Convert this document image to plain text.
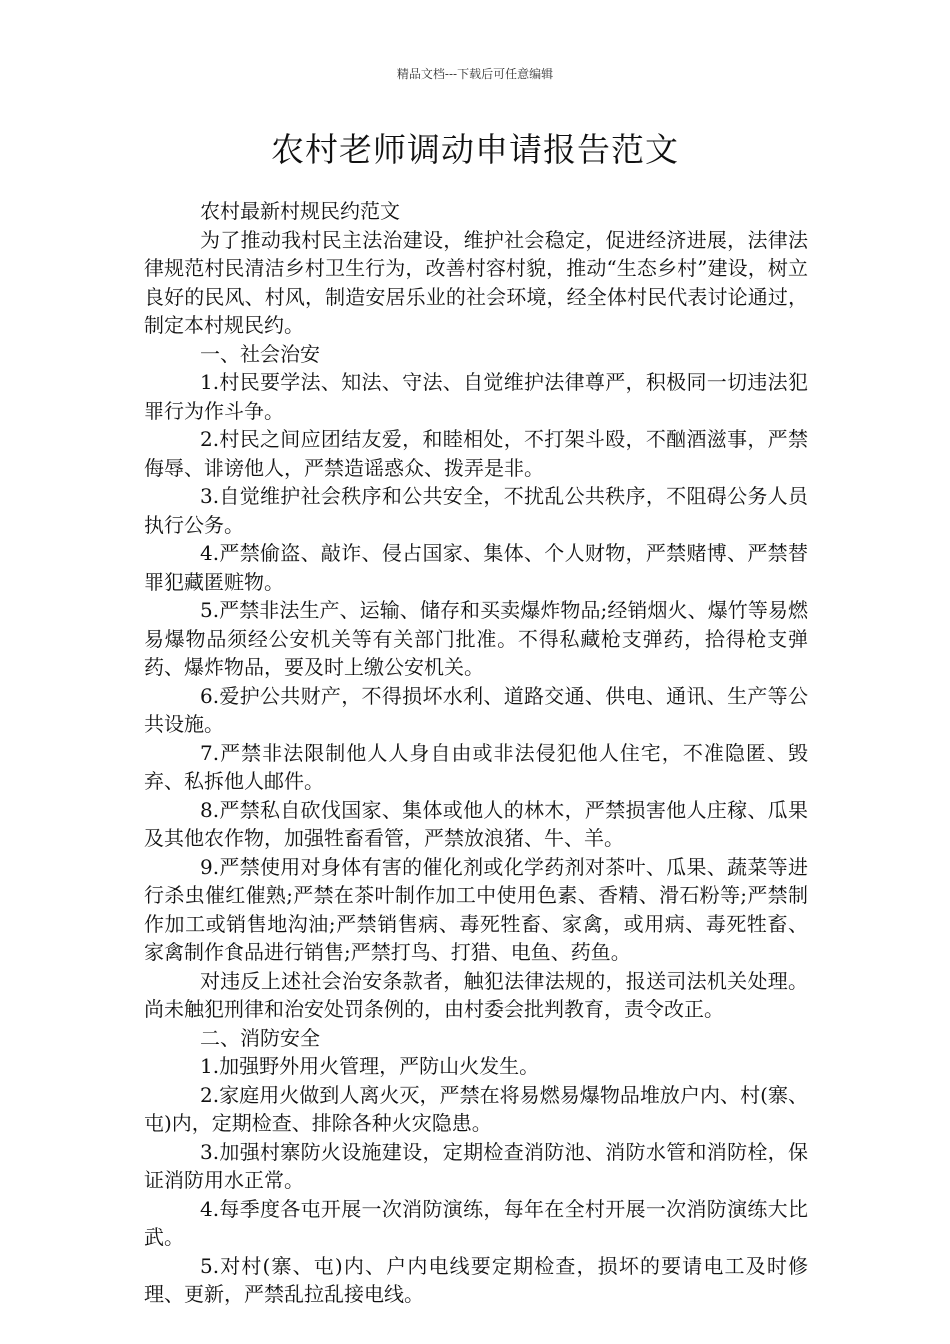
精品文档---下载后可任意编辑
农村老师调动申请报告范文

农村最新村规民约范文

为了推动我村民主法治建设，维护社会稳定，促进经济进展，法律法律规范村民清洁乡村卫生行为，改善村容村貌，推动“生态乡村”建设，树立良好的民风、村风，制造安居乐业的社会环境，经全体村民代表讨论通过，制定本村规民约。

一、社会治安

1.村民要学法、知法、守法、自觉维护法律尊严，积极同一切违法犯罪行为作斗争。

2.村民之间应团结友爱，和睦相处，不打架斗殴，不酗酒滋事，严禁侮辱、诽谤他人，严禁造谣惑众、拨弄是非。

3.自觉维护社会秩序和公共安全，不扰乱公共秩序，不阻碍公务人员执行公务。

4.严禁偷盗、敲诈、侵占国家、集体、个人财物，严禁赌博、严禁替罪犯藏匿赃物。

5.严禁非法生产、运输、储存和买卖爆炸物品;经销烟火、爆竹等易燃易爆物品须经公安机关等有关部门批准。不得私藏枪支弹药，拾得枪支弹药、爆炸物品，要及时上缴公安机关。

6.爱护公共财产，不得损坏水利、道路交通、供电、通讯、生产等公共设施。

7.严禁非法限制他人人身自由或非法侵犯他人住宅，不准隐匿、毁弃、私拆他人邮件。

8.严禁私自砍伐国家、集体或他人的林木，严禁损害他人庄稼、瓜果及其他农作物，加强牲畜看管，严禁放浪猪、牛、羊。

9.严禁使用对身体有害的催化剂或化学药剂对茶叶、瓜果、蔬菜等进行杀虫催红催熟;严禁在茶叶制作加工中使用色素、香精、滑石粉等;严禁制作加工或销售地沟油;严禁销售病、毒死牲畜、家禽，或用病、毒死牲畜、家禽制作食品进行销售;严禁打鸟、打猎、电鱼、药鱼。

对违反上述社会治安条款者，触犯法律法规的，报送司法机关处理。尚未触犯刑律和治安处罚条例的，由村委会批判教育，责令改正。

二、消防安全

1.加强野外用火管理，严防山火发生。

2.家庭用火做到人离火灭，严禁在将易燃易爆物品堆放户内、村(寨、屯)内，定期检查、排除各种火灾隐患。

3.加强村寨防火设施建设，定期检查消防池、消防水管和消防栓，保证消防用水正常。

4.每季度各屯开展一次消防演练，每年在全村开展一次消防演练大比武。

5.对村(寨、屯)内、户内电线要定期检查，损坏的要请电工及时修理、更新，严禁乱拉乱接电线。
